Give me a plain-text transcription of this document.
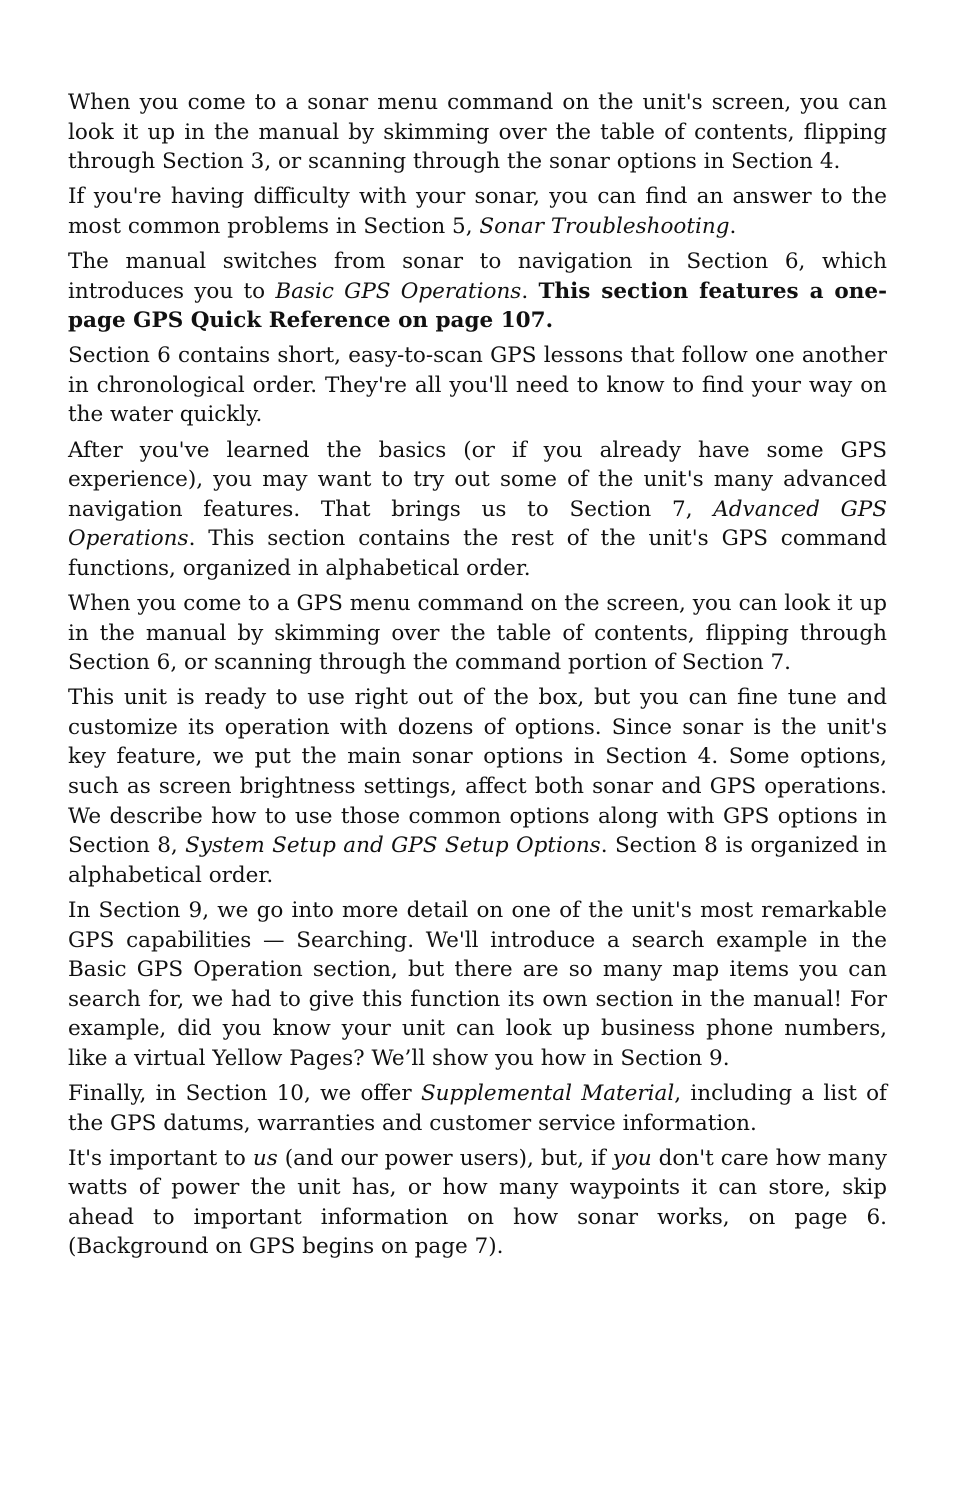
When you come to a sonar menu command on the unit's screen, you can look it up in the manual by skimming over the table of contents, flipping through Section 3, or scanning through the sonar options in Section 4.

If you're having difficulty with your sonar, you can find an answer to the most common problems in Section 5, Sonar Troubleshooting.

The manual switches from sonar to navigation in Section 6, which introduces you to Basic GPS Operations. This section features a one-page GPS Quick Reference on page 107.

Section 6 contains short, easy-to-scan GPS lessons that follow one another in chronological order. They're all you'll need to know to find your way on the water quickly.

After you've learned the basics (or if you already have some GPS experience), you may want to try out some of the unit's many advanced navigation features. That brings us to Section 7, Advanced GPS Operations. This section contains the rest of the unit's GPS command functions, organized in alphabetical order.

When you come to a GPS menu command on the screen, you can look it up in the manual by skimming over the table of contents, flipping through Section 6, or scanning through the command portion of Section 7.

This unit is ready to use right out of the box, but you can fine tune and customize its operation with dozens of options. Since sonar is the unit's key feature, we put the main sonar options in Section 4. Some options, such as screen brightness settings, affect both sonar and GPS operations. We describe how to use those common options along with GPS options in Section 8, System Setup and GPS Setup Options. Section 8 is organized in alphabetical order.

In Section 9, we go into more detail on one of the unit's most remarkable GPS capabilities — Searching. We'll introduce a search example in the Basic GPS Operation section, but there are so many map items you can search for, we had to give this function its own section in the manual! For example, did you know your unit can look up business phone numbers, like a virtual Yellow Pages? We’ll show you how in Section 9.

Finally, in Section 10, we offer Supplemental Material, including a list of the GPS datums, warranties and customer service information.

It's important to us (and our power users), but, if you don't care how many watts of power the unit has, or how many waypoints it can store, skip ahead to important information on how sonar works, on page 6. (Background on GPS begins on page 7).
